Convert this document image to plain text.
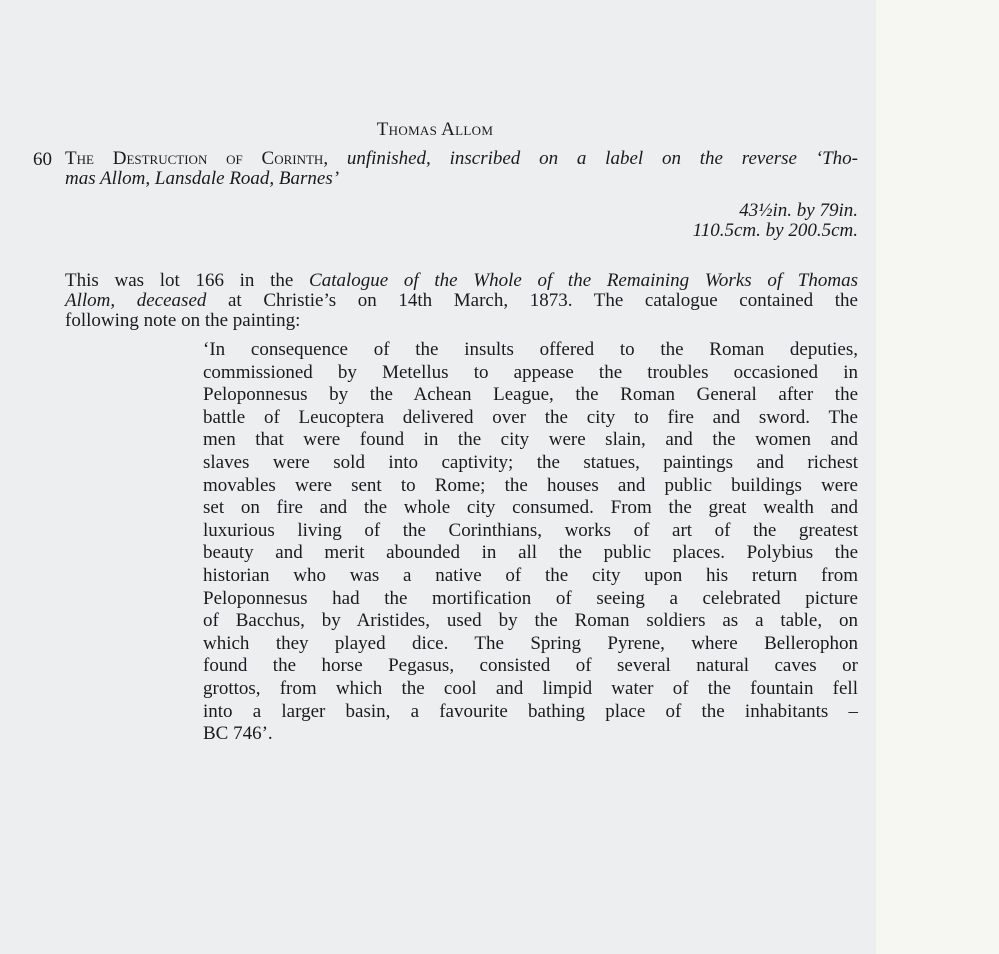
Thomas Allom
60 The Destruction of Corinth, unfinished, inscribed on a label on the reverse ‘Tho-
mas Allom, Lansdale Road, Barnes’
43½in. by 79in.
110.5cm. by 200.5cm.
This was lot 166 in the Catalogue of the Whole of the Remaining Works of Thomas
Allom, deceased at Christie’s on 14th March, 1873. The catalogue contained the
following note on the painting:
‘In consequence of the insults offered to the Roman deputies,
commissioned by Metellus to appease the troubles occasioned in
Peloponnesus by the Achean League, the Roman General after the
battle of Leucoptera delivered over the city to fire and sword. The
men that were found in the city were slain, and the women and
slaves were sold into captivity; the statues, paintings and richest
movables were sent to Rome; the houses and public buildings were
set on fire and the whole city consumed. From the great wealth and
luxurious living of the Corinthians, works of art of the greatest
beauty and merit abounded in all the public places. Polybius the
historian who was a native of the city upon his return from
Peloponnesus had the mortification of seeing a celebrated picture
of Bacchus, by Aristides, used by the Roman soldiers as a table, on
which they played dice. The Spring Pyrene, where Bellerophon
found the horse Pegasus, consisted of several natural caves or
grottos, from which the cool and limpid water of the fountain fell
into a larger basin, a favourite bathing place of the inhabitants –
BC 746’.
